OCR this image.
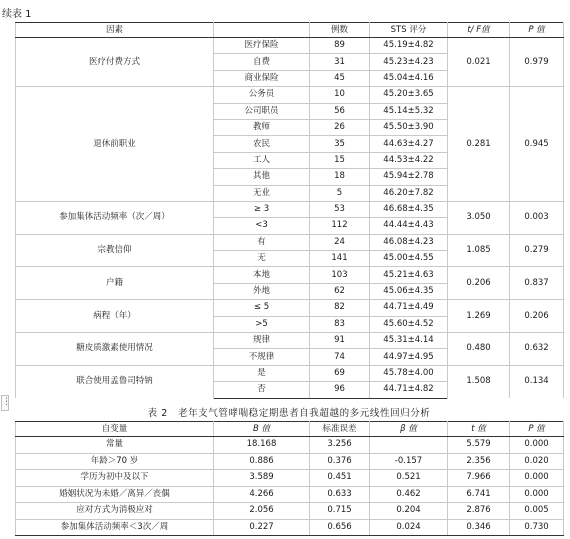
续表 1
因素		例数	STS 评分	t/ F值	P 值
医疗付费方式	医疗保险	89	45.19±4.82	0.021	0.979
	自费	31	45.23±4.23		
	商业保险	45	45.04±4.16		
退休前职业	公务员	10	45.20±3.65	0.281	0.945
	公司职员	56	45.14±5.32		
	教师	26	45.50±3.90		
	农民	35	44.63±4.27		
	工人	15	44.53±4.22		
	其他	18	45.94±2.78		
	无业	5	46.20±7.82		
参加集体活动频率（次／周）	≥ 3	53	46.68±4.35	3.050	0.003
	<3	112	44.44±4.43		
宗教信仰	有	24	46.08±4.23	1.085	0.279
	无	141	45.00±4.55		
户籍	本地	103	45.21±4.63	0.206	0.837
	外地	62	45.06±4.35		
病程（年）	≤ 5	82	44.71±4.49	1.269	0.206
	>5	83	45.60±4.52		
糖皮质激素使用情况	规律	91	45.31±4.14	0.480	0.632
	不规律	74	44.97±4.95		
联合使用孟鲁司特钠	是	69	45.78±4.00	1.508	0.134
	否	96	44.71±4.82		
⋮
表 2　老年支气管哮喘稳定期患者自我超越的多元线性回归分析
自变量	B 值	标准误差	β 值	t 值	P 值
常量	18.168	3.256		5.579	0.000
年龄＞70 岁	0.886	0.376	-0.157	2.356	0.020
学历为初中及以下	3.589	0.451	0.521	7.966	0.000
婚姻状况为未婚／离异／丧偶	4.266	0.633	0.462	6.741	0.000
应对方式为消极应对	2.056	0.715	0.204	2.876	0.005
参加集体活动频率＜3次／周	0.227	0.656	0.024	0.346	0.730
